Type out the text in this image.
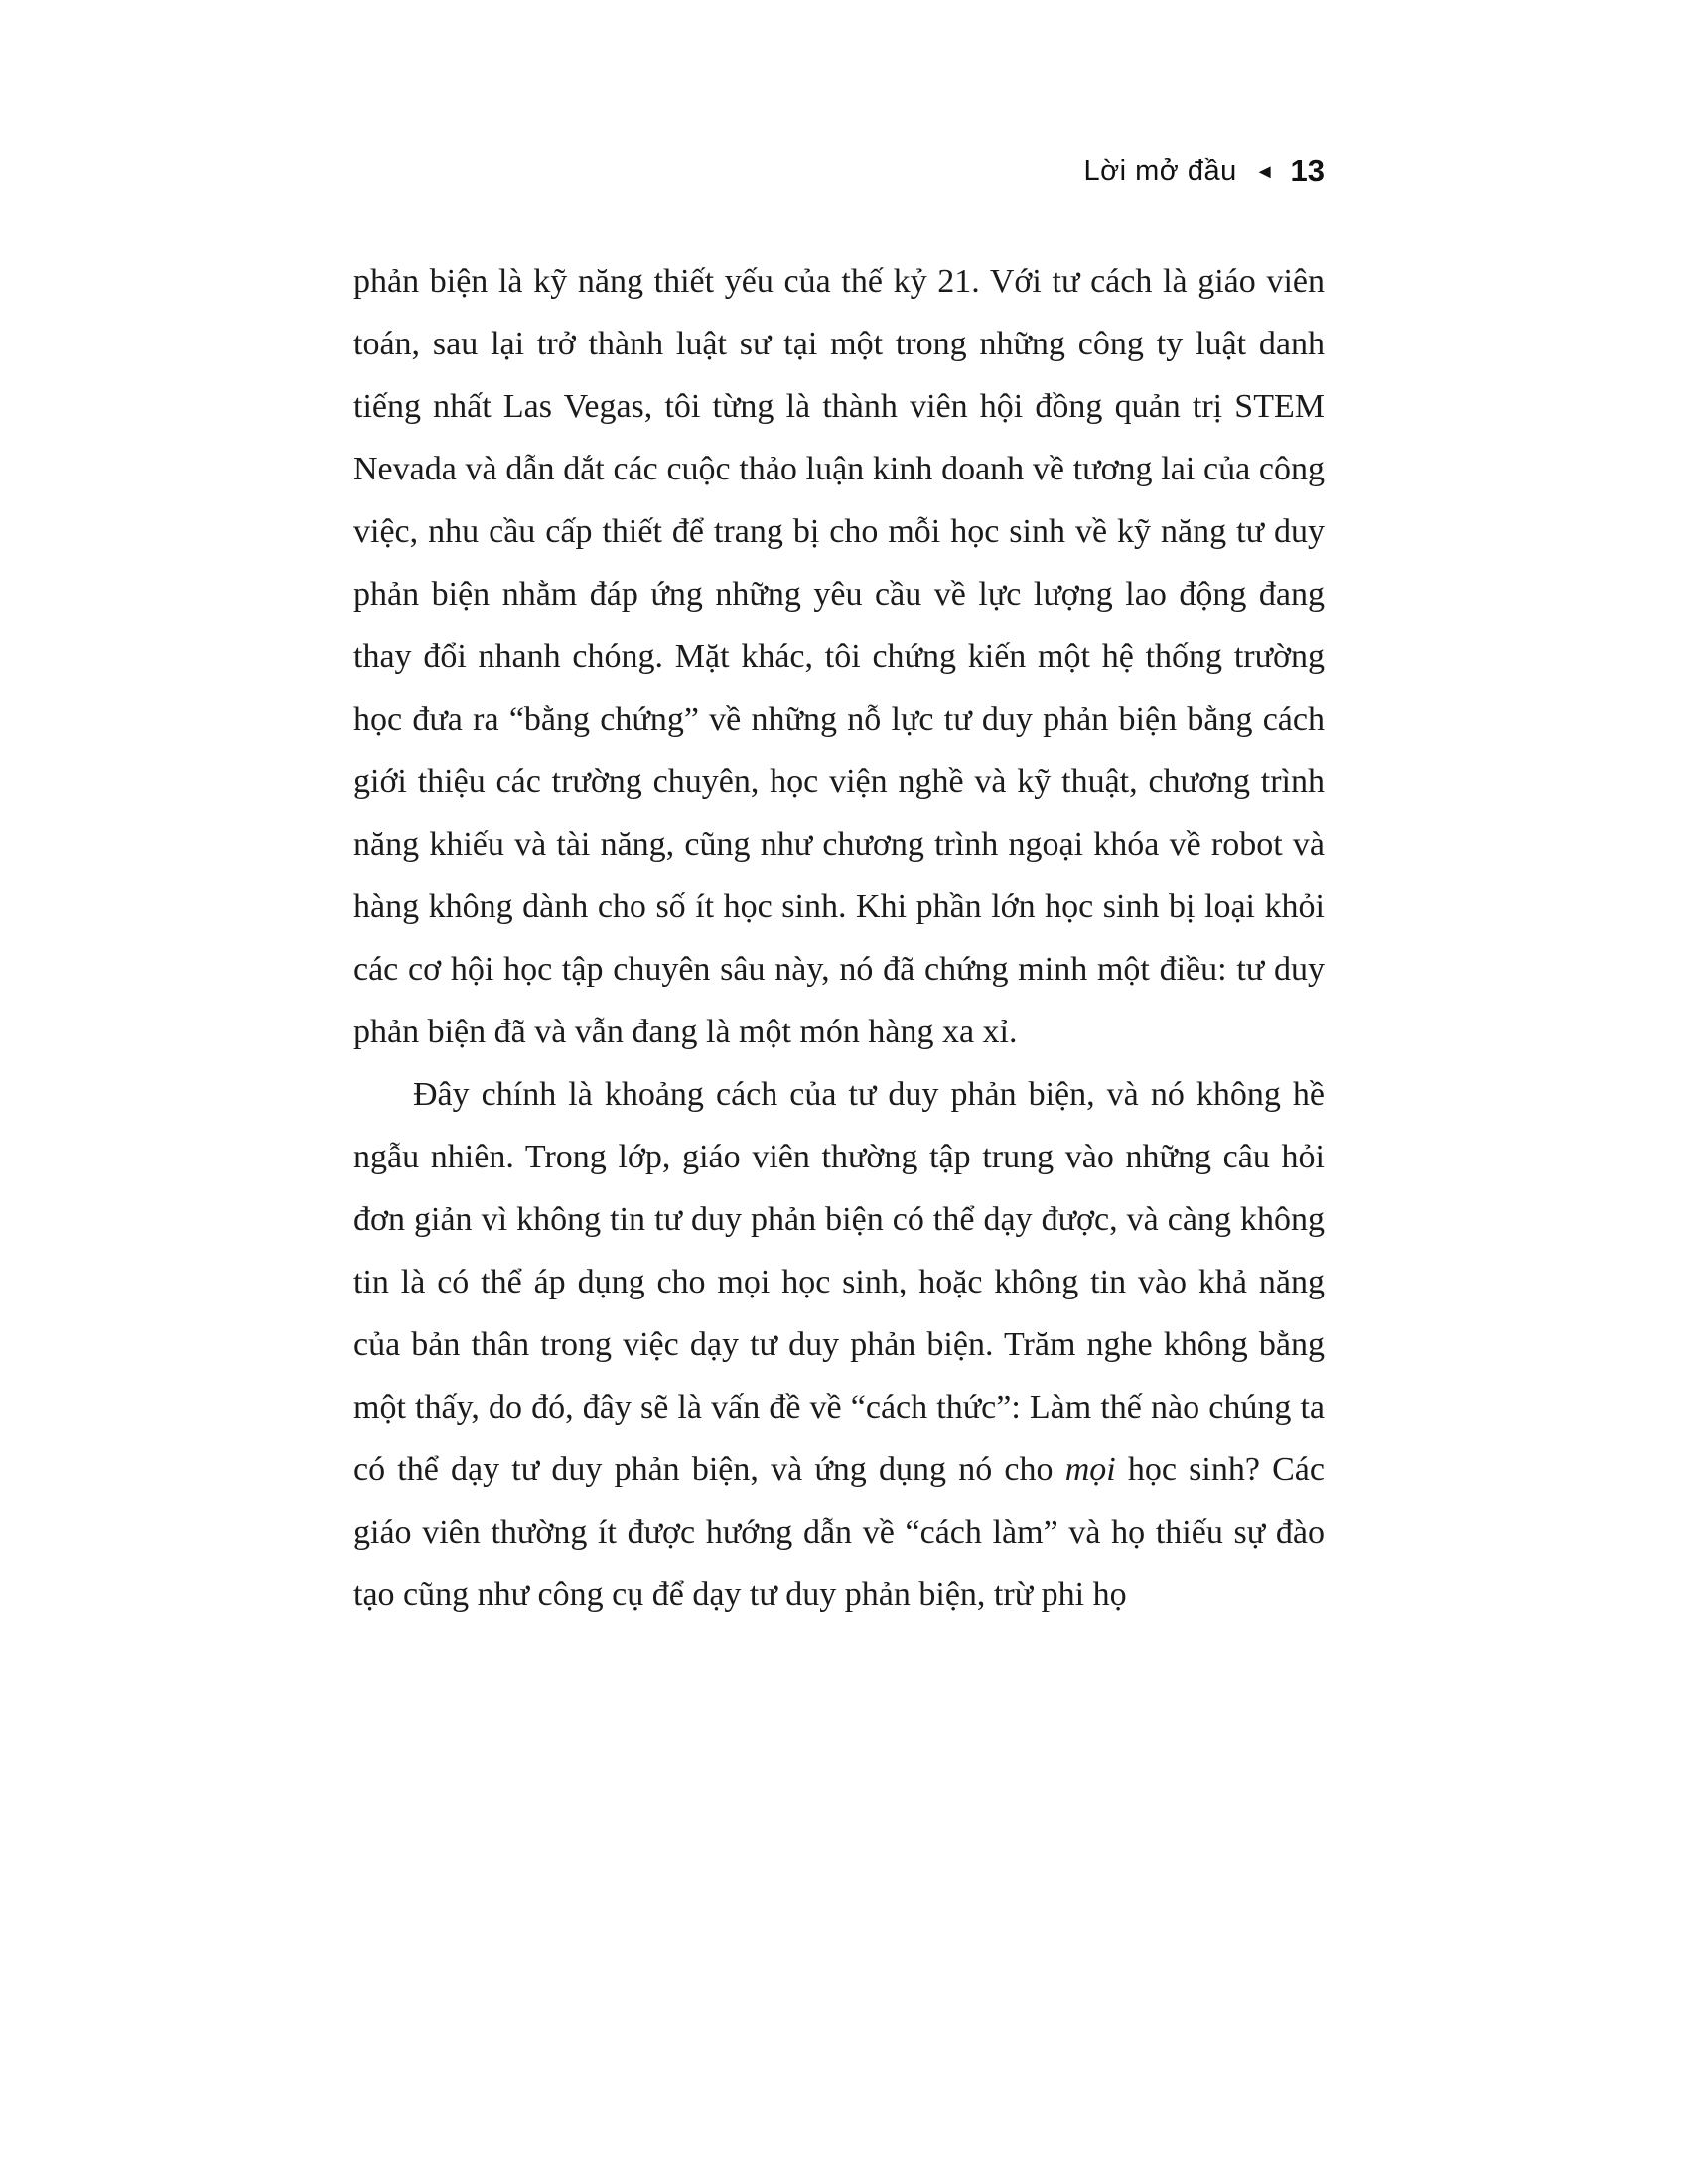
Lời mở đầu ◄ 13

phản biện là kỹ năng thiết yếu của thế kỷ 21. Với tư cách là giáo viên toán, sau lại trở thành luật sư tại một trong những công ty luật danh tiếng nhất Las Vegas, tôi từng là thành viên hội đồng quản trị STEM Nevada và dẫn dắt các cuộc thảo luận kinh doanh về tương lai của công việc, nhu cầu cấp thiết để trang bị cho mỗi học sinh về kỹ năng tư duy phản biện nhằm đáp ứng những yêu cầu về lực lượng lao động đang thay đổi nhanh chóng. Mặt khác, tôi chứng kiến một hệ thống trường học đưa ra “bằng chứng” về những nỗ lực tư duy phản biện bằng cách giới thiệu các trường chuyên, học viện nghề và kỹ thuật, chương trình năng khiếu và tài năng, cũng như chương trình ngoại khóa về robot và hàng không dành cho số ít học sinh. Khi phần lớn học sinh bị loại khỏi các cơ hội học tập chuyên sâu này, nó đã chứng minh một điều: tư duy phản biện đã và vẫn đang là một món hàng xa xỉ.

Đây chính là khoảng cách của tư duy phản biện, và nó không hề ngẫu nhiên. Trong lớp, giáo viên thường tập trung vào những câu hỏi đơn giản vì không tin tư duy phản biện có thể dạy được, và càng không tin là có thể áp dụng cho mọi học sinh, hoặc không tin vào khả năng của bản thân trong việc dạy tư duy phản biện. Trăm nghe không bằng một thấy, do đó, đây sẽ là vấn đề về “cách thức”: Làm thế nào chúng ta có thể dạy tư duy phản biện, và ứng dụng nó cho mọi học sinh? Các giáo viên thường ít được hướng dẫn về “cách làm” và họ thiếu sự đào tạo cũng như công cụ để dạy tư duy phản biện, trừ phi họ
